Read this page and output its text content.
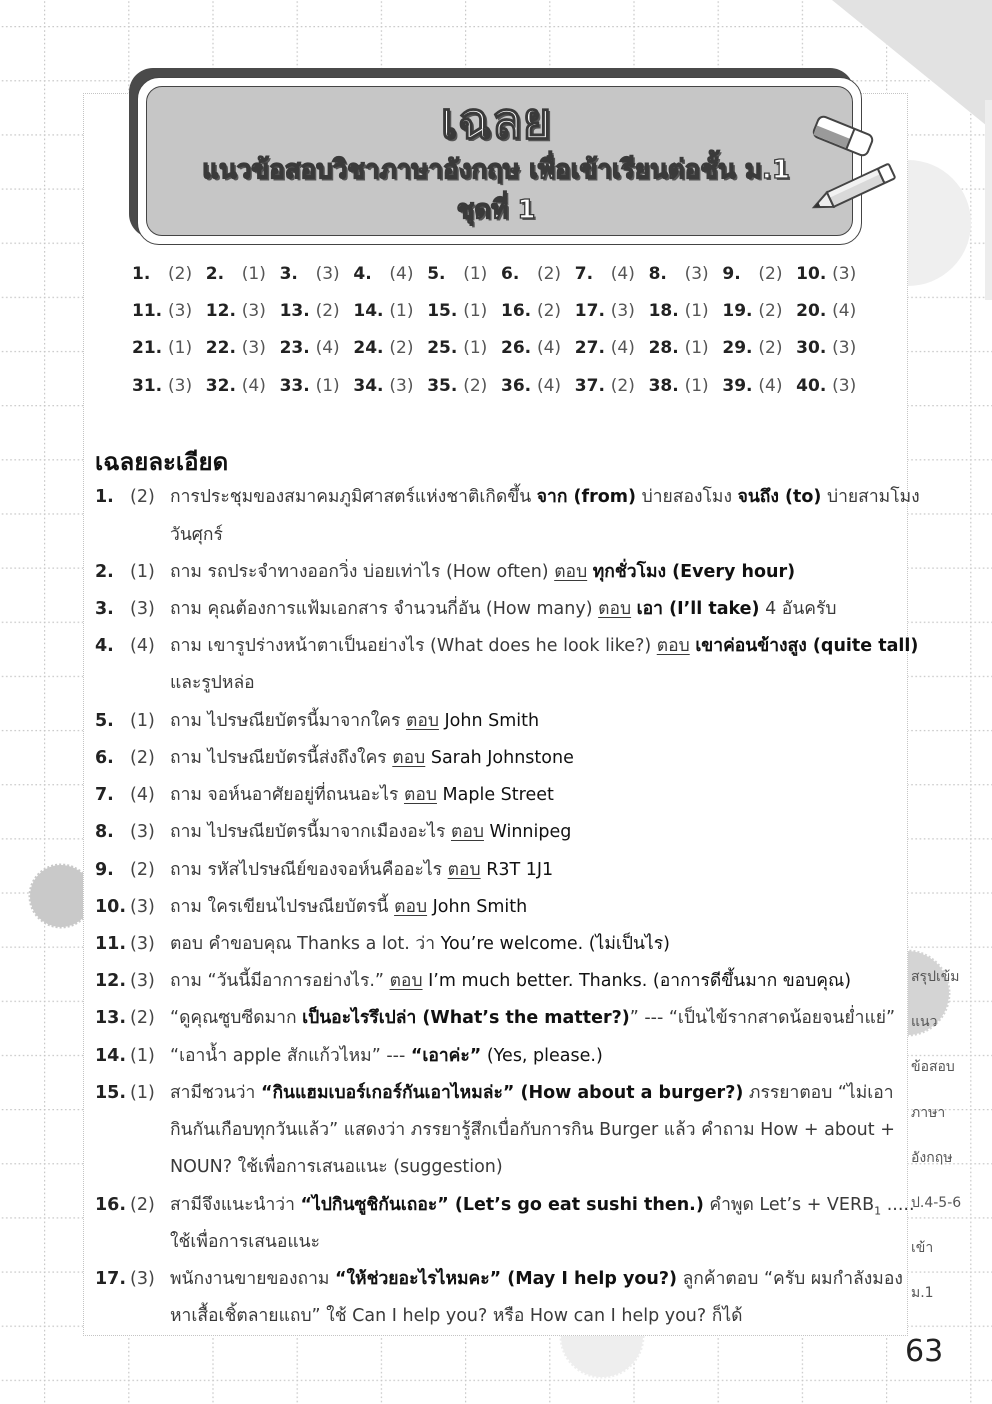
เฉลย
แนวข้อสอบวิชาภาษาอังกฤษ เพื่อเข้าเรียนต่อชั้น ม.1
ชุดที่ 1
1.	(2) 2.	(1) 3.	(3) 4.	(4) 5.	(1) 6.	(2) 7.	(4) 8.	(3) 9.	(2) 10. (3)
11. (3) 12. (3) 13. (2) 14. (1) 15. (1) 16. (2) 17. (3) 18. (1) 19. (2) 20. (4)
21. (1) 22. (3) 23. (4) 24. (2) 25. (1) 26. (4) 27. (4) 28. (1) 29. (2) 30. (3)
31. (3) 32. (4) 33. (1) 34. (3) 35. (2) 36. (4) 37. (2) 38. (1) 39. (4) 40. (3)
เฉลยละเอียด
1. (2) การประชุมของสมาคมภูมิศาสตร์แห่งชาติเกิดขึ้น จาก (from) บ่ายสองโมง จนถึง (to) บ่ายสามโมง
วันศุกร์
2. (1) ถาม รถประจำทางออกวิ่ง บ่อยเท่าไร (How often) ตอบ ทุกชั่วโมง (Every hour)
3. (3) ถาม คุณต้องการแฟ้มเอกสาร จำนวนกี่อัน (How many) ตอบ เอา (I’ll take) 4 อันครับ
4. (4) ถาม เขารูปร่างหน้าตาเป็นอย่างไร (What does he look like?) ตอบ เขาค่อนข้างสูง (quite tall)
และรูปหล่อ
5. (1) ถาม ไปรษณียบัตรนี้มาจากใคร ตอบ John Smith
6. (2) ถาม ไปรษณียบัตรนี้ส่งถึงใคร ตอบ Sarah Johnstone
7. (4) ถาม จอห์นอาศัยอยู่ที่ถนนอะไร ตอบ Maple Street
8. (3) ถาม ไปรษณียบัตรนี้มาจากเมืองอะไร ตอบ Winnipeg
9. (2) ถาม รหัสไปรษณีย์ของจอห์นคืออะไร ตอบ R3T 1J1
10. (3) ถาม ใครเขียนไปรษณียบัตรนี้ ตอบ John Smith
11. (3) ตอบ คำขอบคุณ Thanks a lot. ว่า You’re welcome. (ไม่เป็นไร)
12. (3) ถาม “วันนี้มีอาการอย่างไร.” ตอบ I’m much better. Thanks. (อาการดีขึ้นมาก ขอบคุณ)
13. (2) “ดูคุณซูบซีดมาก เป็นอะไรรึเปล่า (What’s the matter?)” --- “เป็นไข้รากสาดน้อยจนย่ำแย่”
14. (1) “เอาน้ำ apple สักแก้วไหม” --- “เอาค่ะ” (Yes, please.)
15. (1) สามีชวนว่า “กินแฮมเบอร์เกอร์กันเอาไหมล่ะ” (How about a burger?) ภรรยาตอบ “ไม่เอา
กินกันเกือบทุกวันแล้ว” แสดงว่า ภรรยารู้สึกเบื่อกับการกิน Burger แล้ว คำถาม How + about +
NOUN? ใช้เพื่อการเสนอแนะ (suggestion)
16. (2) สามีจึงแนะนำว่า “ไปกินซูชิกันเถอะ” (Let’s go eat sushi then.) คำพูด Let’s + $VERB_1$ .....
ใช้เพื่อการเสนอแนะ
17. (3) พนักงานขายของถาม “ให้ช่วยอะไรไหมคะ” (May I help you?) ลูกค้าตอบ “ครับ ผมกำลังมอง
หาเสื้อเชิ้ตลายแถบ” ใช้ Can I help you? หรือ How can I help you? ก็ได้
สรุปเข้ม
แนว
ข้อสอบ
ภาษา
อังกฤษ
ป.4-5-6
เข้า
ม.1
63
